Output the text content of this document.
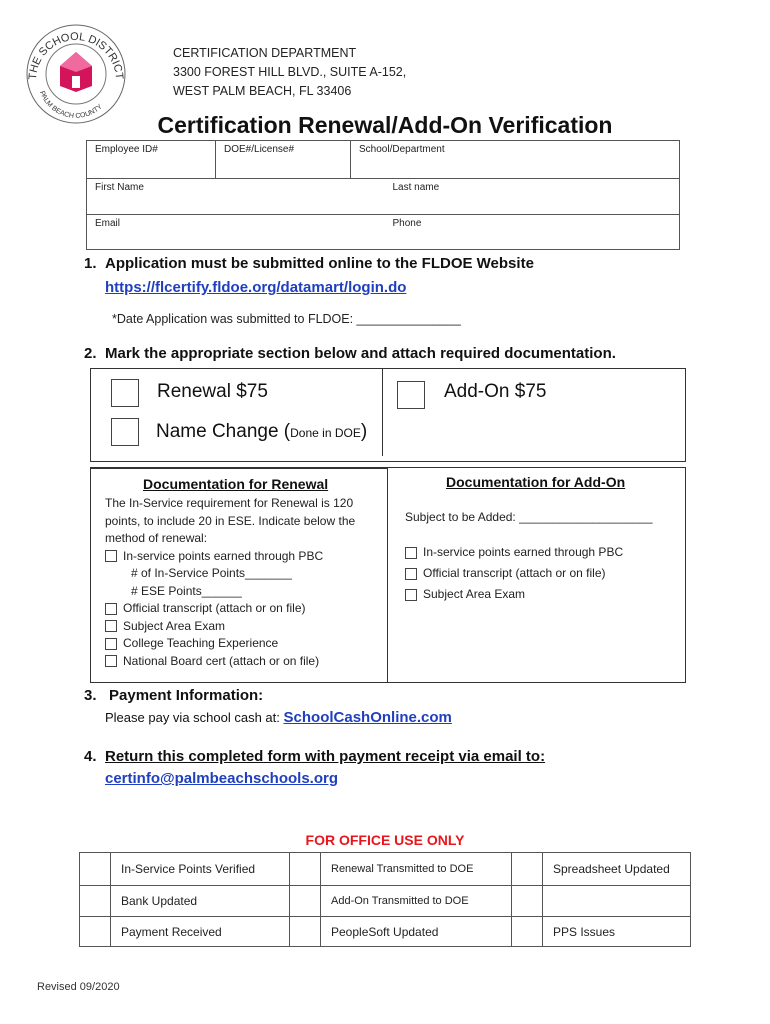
THE SCHOOL DISTRICT
PALM BEACH COUNTY
CERTIFICATION DEPARTMENT
3300 FOREST HILL BLVD., SUITE A-152,
WEST PALM BEACH, FL 33406
Certification Renewal/Add-On Verification
Employee ID#	DOE#/License#	School/Department
First Name		Last name
Email		Phone
1. Application must be submitted online to the FLDOE Website
https://flcertify.fldoe.org/datamart/login.do
*Date Application was submitted to FLDOE: _______________
2. Mark the appropriate section below and attach required documentation.
Renewal $75	Add-On $75
Name Change (Done in DOE)
Documentation for Renewal
The In-Service requirement for Renewal is 120
points, to include 20 in ESE. Indicate below the
method of renewal:
In-service points earned through PBC
# of In-Service Points_______
# ESE Points______
Official transcript (attach or on file)
Subject Area Exam
College Teaching Experience
National Board cert (attach or on file)
Documentation for Add-On
Subject to be Added: ____________________
In-service points earned through PBC
Official transcript (attach or on file)
Subject Area Exam
3. Payment Information:
Please pay via school cash at: SchoolCashOnline.com
4. Return this completed form with payment receipt via email to:
certinfo@palmbeachschools.org
FOR OFFICE USE ONLY
	In-Service Points Verified		Renewal Transmitted to DOE		Spreadsheet Updated
	Bank Updated		Add-On Transmitted to DOE		
	Payment Received		PeopleSoft Updated		PPS Issues
Revised 09/2020
